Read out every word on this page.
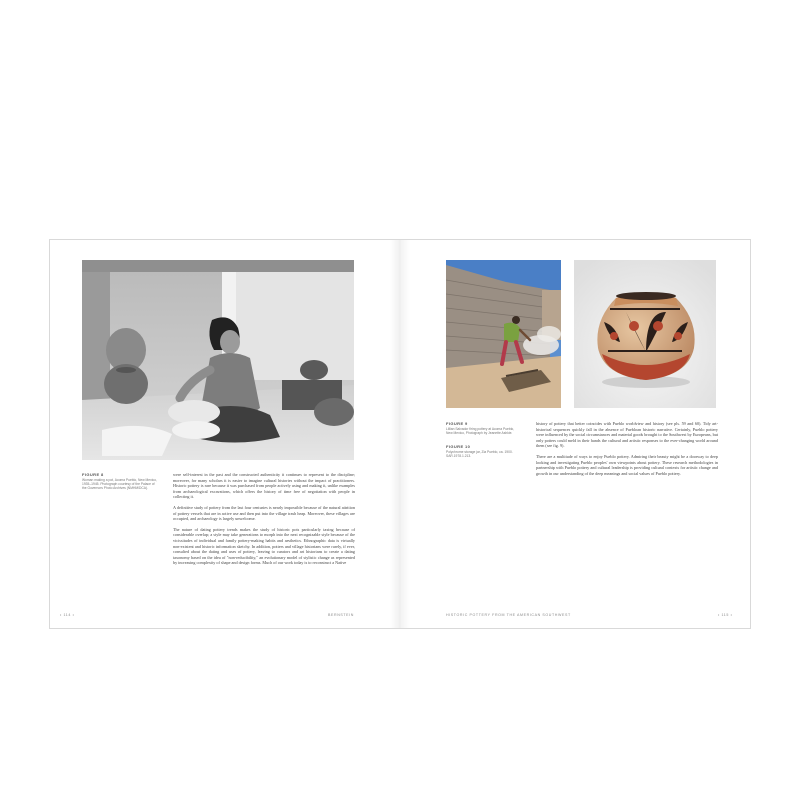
FIGURE 8
Woman making a pot, Acoma Pueblo, New Mexico, 1935–1945. Photograph courtesy of the Palace of the Governors Photo Archives (NMHM/DCA).

were self-interest in the past and the constructed authenticity it continues to represent to the discipline; moreover, for many scholars it is easier to imagine cultural histories without the impact of practitioners. Historic pottery is rare because it was purchased from people actively using and making it, unlike examples from archaeological excavations, which offers the history of time free of negotiation with people in collecting it.

A definitive study of pottery from the last four centuries is nearly impossible because of the natural attrition of pottery vessels that are in active use and then put into the village trash heap. Moreover, these villages are occupied, and archaeology is largely unwelcome.

The nature of dating pottery trends makes the study of historic pots particularly taxing because of considerable overlap; a style may take generations to morph into the next recognizable style because of the vicissitudes of individual and family pottery-making habits and aesthetics. Ethnographic data is virtually non-existent and historic information sketchy. In addition, potters and village historians were rarely, if ever, consulted about the dating and uses of pottery, leaving to curators and art historians to create a dating taxonomy based on the idea of "non-reducibility," an evolutionary model of stylistic change as represented by increasing complexity of shape and design forms. Much of our work today is to reconstruct a Native

• 114 •	BERNSTEIN
FIGURE 9
Lillian Salvador firing pottery at Acoma Pueblo, New Mexico, Photograph by Jeanette Ashkie.
FIGURE 10
Polychrome storage jar, Zia Pueblo, ca. 1900. SAR.1978.1.213.

history of pottery that better coincides with Pueblo worldview and history (see pls. 59 and 60). Tidy art-historical sequences quickly fall in the absence of Puebloan historic narrative. Certainly, Pueblo pottery were influenced by the social circumstances and material goods brought to the Southwest by Europeans, but only potters could meld in their hands the cultural and artistic responses to the ever-changing world around them (see fig. 9).

There are a multitude of ways to enjoy Pueblo pottery. Admiring their beauty might be a doorway to deep looking and investigating Pueblo peoples' own viewpoints about pottery. These research methodologies in partnership with Pueblo pottery and cultural leadership is providing cultural contexts for artistic change and growth in our understanding of the deep meanings and social values of Pueblo pottery.

HISTORIC POTTERY FROM THE AMERICAN SOUTHWEST	• 115 •
